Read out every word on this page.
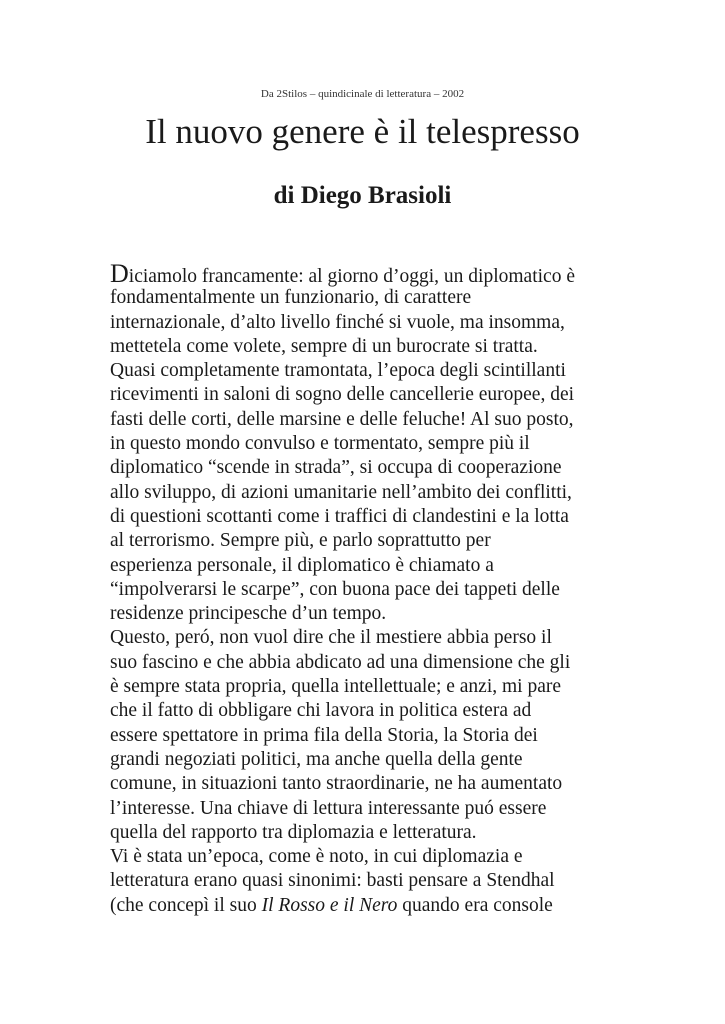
Da 2Stilos – quindicinale di letteratura – 2002
Il nuovo genere è il telespresso
di Diego Brasioli
Diciamolo francamente: al giorno d’oggi, un diplomatico è
fondamentalmente un funzionario, di carattere
internazionale, d’alto livello finché si vuole, ma insomma,
mettetela come volete, sempre di un burocrate si tratta.
Quasi completamente tramontata, l’epoca degli scintillanti
ricevimenti in saloni di sogno delle cancellerie europee, dei
fasti delle corti, delle marsine e delle feluche! Al suo posto,
in questo mondo convulso e tormentato, sempre più il
diplomatico “scende in strada”, si occupa di cooperazione
allo sviluppo, di azioni umanitarie nell’ambito dei conflitti,
di questioni scottanti come i traffici di clandestini e la lotta
al terrorismo. Sempre più, e parlo soprattutto per
esperienza personale, il diplomatico è chiamato a
“impolverarsi le scarpe”, con buona pace dei tappeti delle
residenze principesche d’un tempo.
Questo, peró, non vuol dire che il mestiere abbia perso il
suo fascino e che abbia abdicato ad una dimensione che gli
è sempre stata propria, quella intellettuale; e anzi, mi pare
che il fatto di obbligare chi lavora in politica estera ad
essere spettatore in prima fila della Storia, la Storia dei
grandi negoziati politici, ma anche quella della gente
comune, in situazioni tanto straordinarie, ne ha aumentato
l’interesse. Una chiave di lettura interessante puó essere
quella del rapporto tra diplomazia e letteratura.
Vi è stata un’epoca, come è noto, in cui diplomazia e
letteratura erano quasi sinonimi: basti pensare a Stendhal
(che concepì il suo Il Rosso e il Nero quando era console
